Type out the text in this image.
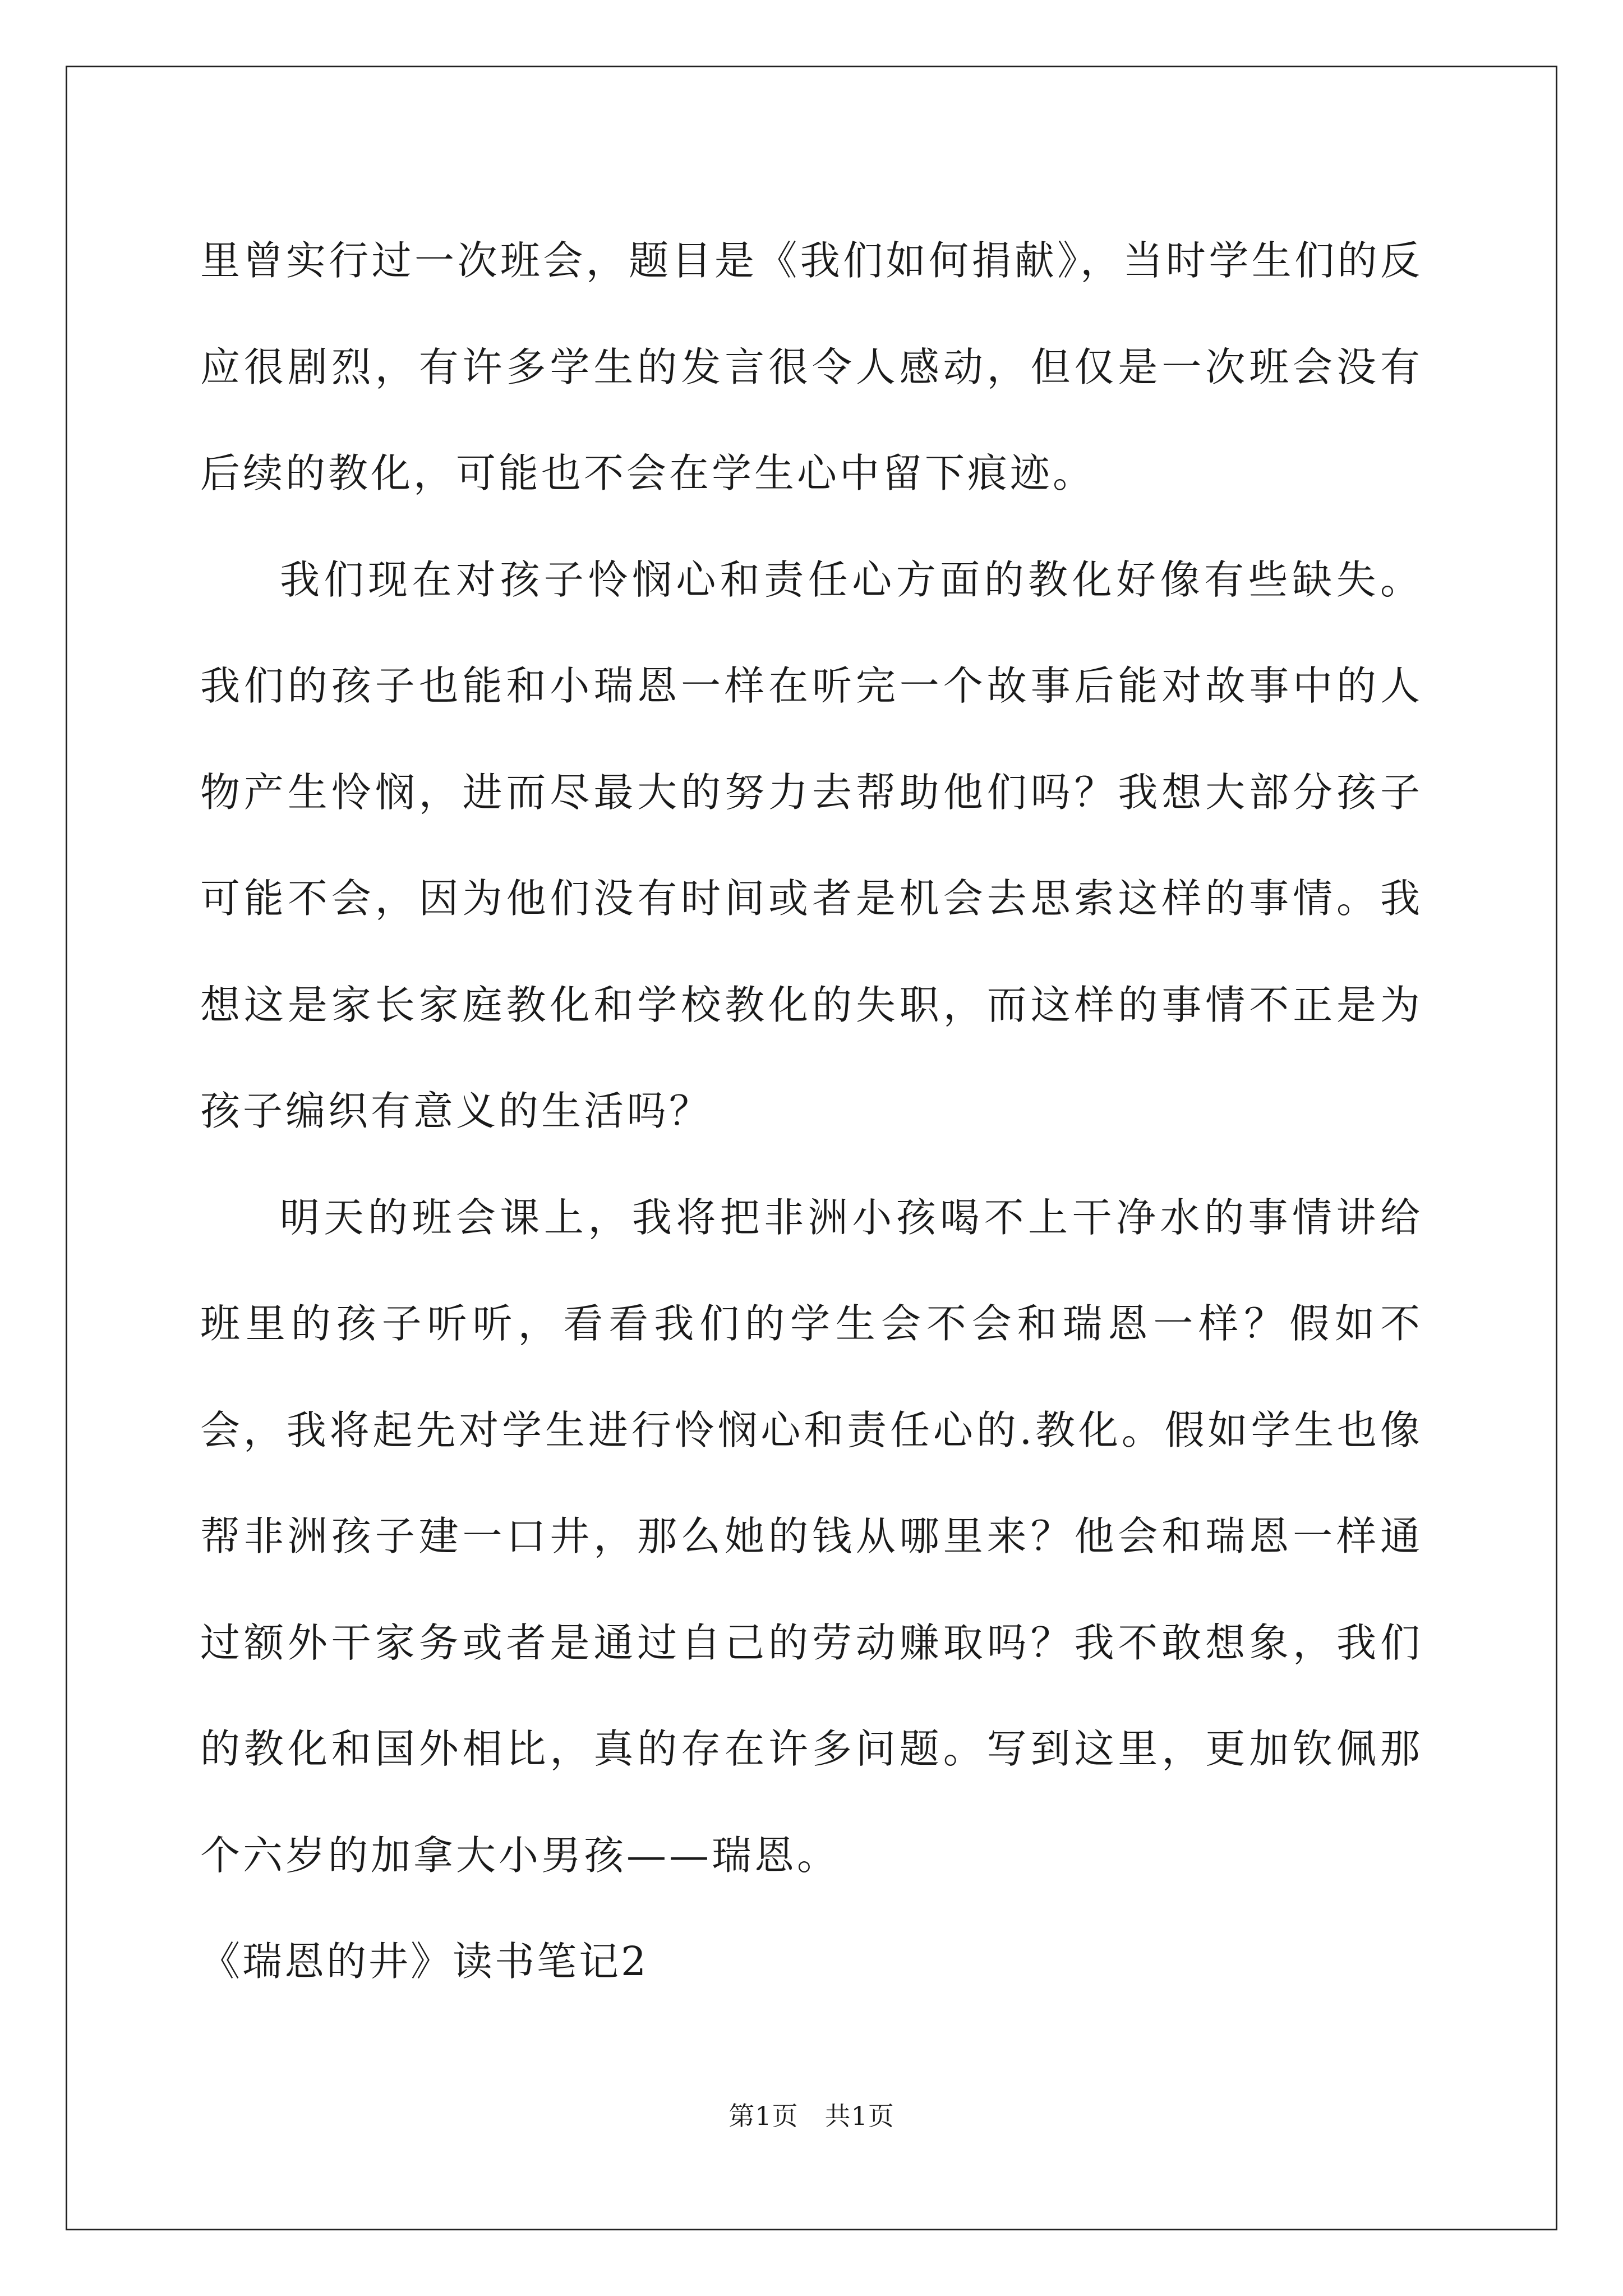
里曾实行过一次班会，题目是《我们如何捐献》，当时学生们的反应很剧烈，有许多学生的发言很令人感动，但仅是一次班会没有后续的教化，可能也不会在学生心中留下痕迹。

我们现在对孩子怜悯心和责任心方面的教化好像有些缺失。我们的孩子也能和小瑞恩一样在听完一个故事后能对故事中的人物产生怜悯，进而尽最大的努力去帮助他们吗？我想大部分孩子可能不会，因为他们没有时间或者是机会去思索这样的事情。我想这是家长家庭教化和学校教化的失职，而这样的事情不正是为孩子编织有意义的生活吗？

明天的班会课上，我将把非洲小孩喝不上干净水的事情讲给班里的孩子听听，看看我们的学生会不会和瑞恩一样？假如不会，我将起先对学生进行怜悯心和责任心的.教化。假如学生也像帮非洲孩子建一口井，那么她的钱从哪里来？他会和瑞恩一样通过额外干家务或者是通过自己的劳动赚取吗？我不敢想象，我们的教化和国外相比，真的存在许多问题。写到这里，更加钦佩那个六岁的加拿大小男孩——瑞恩。

《瑞恩的井》读书笔记2

第1页 共1页
